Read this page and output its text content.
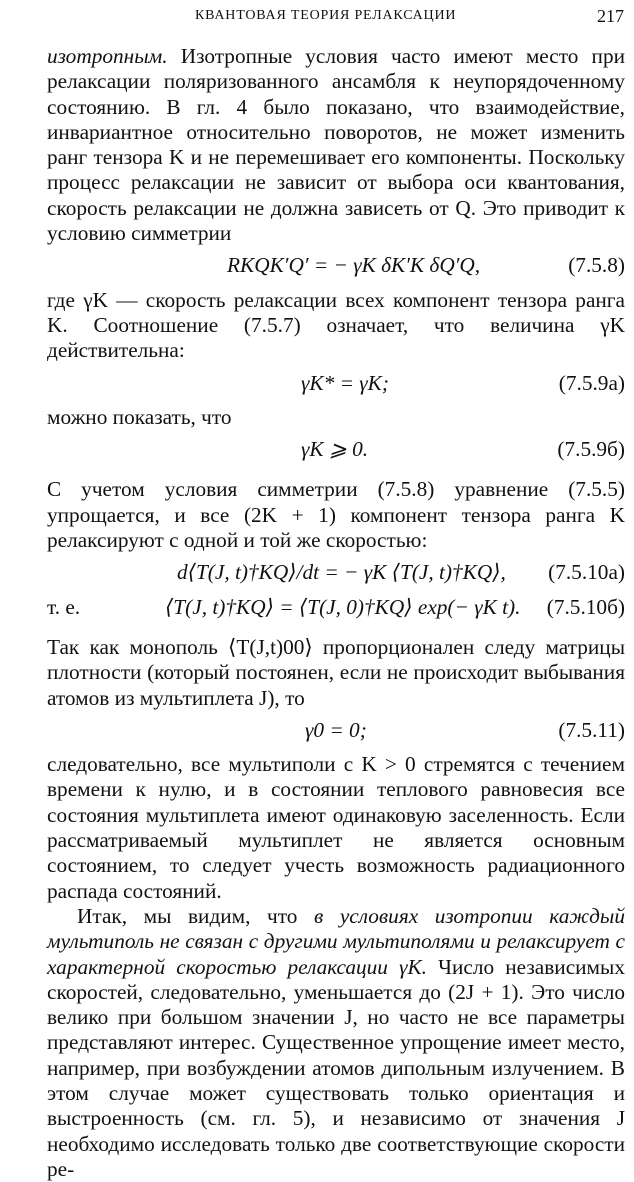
КВАНТОВАЯ ТЕОРИЯ РЕЛАКСАЦИИ	217

изотропным. Изотропные условия часто имеют место при релаксации поляризованного ансамбля к неупорядоченному состоянию. В гл. 4 было показано, что взаимодействие, инвариантное относительно поворотов, не может изменить ранг тензора K и не перемешивает его компоненты. Поскольку процесс релаксации не зависит от выбора оси квантования, скорость релаксации не должна зависеть от Q. Это приводит к условию симметрии

RKQK′Q′ = − γK δK′K δQ′Q,	(7.5.8)

где γK — скорость релаксации всех компонент тензора ранга K. Соотношение (7.5.7) означает, что величина γK действительна:

γK* = γK;	(7.5.9а)

можно показать, что

γK ⩾ 0.	(7.5.9б)

С учетом условия симметрии (7.5.8) уравнение (7.5.5) упрощается, и все (2K + 1) компонент тензора ранга K релаксируют с одной и той же скоростью:

d⟨T(J, t)†KQ⟩/dt = − γK ⟨T(J, t)†KQ⟩, (7.5.10а)
т. е.	⟨T(J, t)†KQ⟩ = ⟨T(J, 0)†KQ⟩ exp(− γK t). (7.5.10б)

Так как монополь ⟨T(J,t)00⟩ пропорционален следу матрицы плотности (который постоянен, если не происходит выбывания атомов из мультиплета J), то

γ0 = 0;	(7.5.11)

следовательно, все мультиполи с K > 0 стремятся с течением времени к нулю, и в состоянии теплового равновесия все состояния мультиплета имеют одинаковую заселенность. Если рассматриваемый мультиплет не является основным состоянием, то следует учесть возможность радиационного распада состояний.

Итак, мы видим, что в условиях изотропии каждый мультиполь не связан с другими мультиполями и релаксирует с характерной скоростью релаксации γK. Число независимых скоростей, следовательно, уменьшается до (2J + 1). Это число велико при большом значении J, но часто не все параметры представляют интерес. Существенное упрощение имеет место, например, при возбуждении атомов дипольным излучением. В этом случае может существовать только ориентация и выстроенность (см. гл. 5), и независимо от значения J необходимо исследовать только две соответствующие скорости ре-
